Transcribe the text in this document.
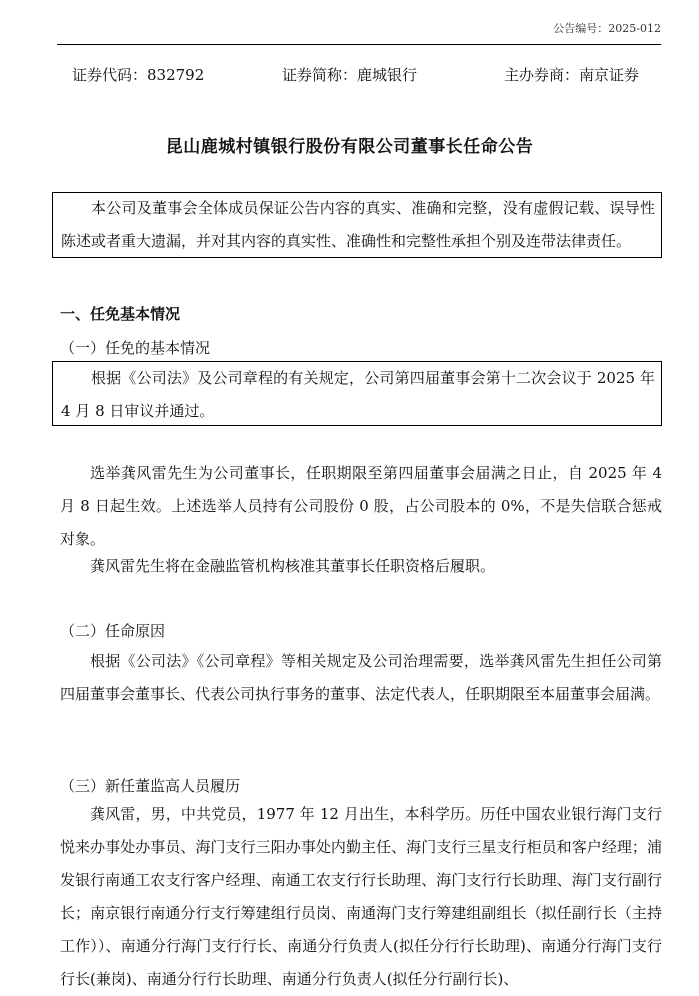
公告编号：2025-012
证券代码：832792	证券简称：鹿城银行	主办券商：南京证券
昆山鹿城村镇银行股份有限公司董事长任命公告
本公司及董事会全体成员保证公告内容的真实、准确和完整，没有虚假记载、误导性陈述或者重大遗漏，并对其内容的真实性、准确性和完整性承担个别及连带法律责任。
一、任免基本情况
（一）任免的基本情况
根据《公司法》及公司章程的有关规定，公司第四届董事会第十二次会议于 2025 年 4 月 8 日审议并通过。
选举龚风雷先生为公司董事长，任职期限至第四届董事会届满之日止，自 2025 年 4 月 8 日起生效。上述选举人员持有公司股份 0 股，占公司股本的 0%，不是失信联合惩戒对象。
龚风雷先生将在金融监管机构核准其董事长任职资格后履职。
（二）任命原因
根据《公司法》《公司章程》等相关规定及公司治理需要，选举龚风雷先生担任公司第四届董事会董事长、代表公司执行事务的董事、法定代表人，任职期限至本届董事会届满。
（三）新任董监高人员履历
龚风雷，男，中共党员，1977 年 12 月出生，本科学历。历任中国农业银行海门支行悦来办事处办事员、海门支行三阳办事处内勤主任、海门支行三星支行柜员和客户经理；浦发银行南通工农支行客户经理、南通工农支行行长助理、海门支行行长助理、海门支行副行长；南京银行南通分行支行筹建组行员岗、南通海门支行筹建组副组长（拟任副行长（主持工作））、南通分行海门支行行长、南通分行负责人(拟任分行行长助理)、南通分行海门支行行长(兼岗)、南通分行行长助理、南通分行负责人(拟任分行副行长)、
